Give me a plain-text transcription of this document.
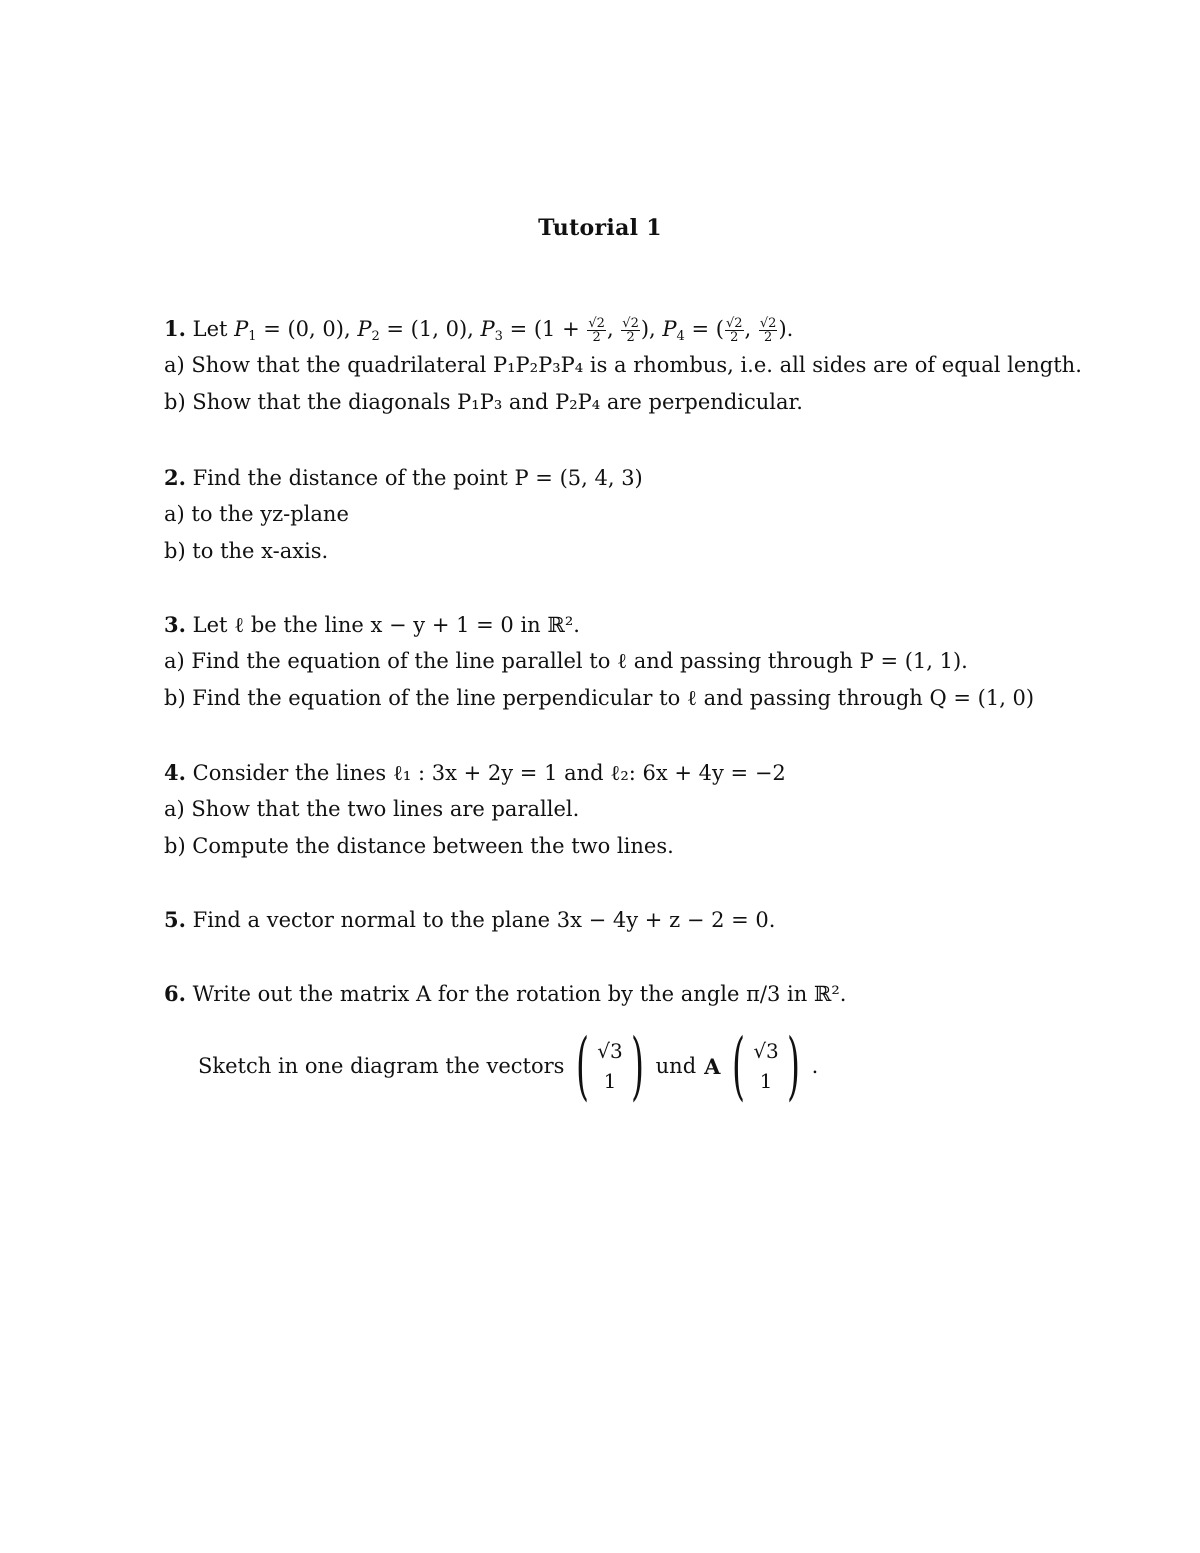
Tutorial 1
1. Let $P_1 = (0$, 0), $P_2 = (1$, 0), $P_3 = (1 + \frac{√2}{2}$ , $\frac{√2}{2}$ ), $P_4$ = ( $\frac{√2}{2}$ , $\frac{√2}{2}$ ).
a) Show that the quadrilateral P₁P₂P₃P₄ is a rhombus, i.e. all sides are of equal length.
b) Show that the diagonals P₁P₃ and P₂P₄ are perpendicular.
2. Find the distance of the point P = (5, 4, 3)
a) to the yz-plane
b) to the x-axis.
3. Let ℓ be the line x − y + 1 = 0 in ℝ².
a) Find the equation of the line parallel to ℓ and passing through P = (1, 1).
b) Find the equation of the line perpendicular to ℓ and passing through Q = (1, 0)
4. Consider the lines ℓ₁ : 3x + 2y = 1 and ℓ₂: 6x + 4y = −2
a) Show that the two lines are parallel.
b) Compute the distance between the two lines.
5. Find a vector normal to the plane 3x − 4y + z − 2 = 0.
6. Write out the matrix A for the rotation by the angle π/3 in ℝ².
Sketch in one diagram the vectors ( √3
1 ) und A ( √3
1 ) .
